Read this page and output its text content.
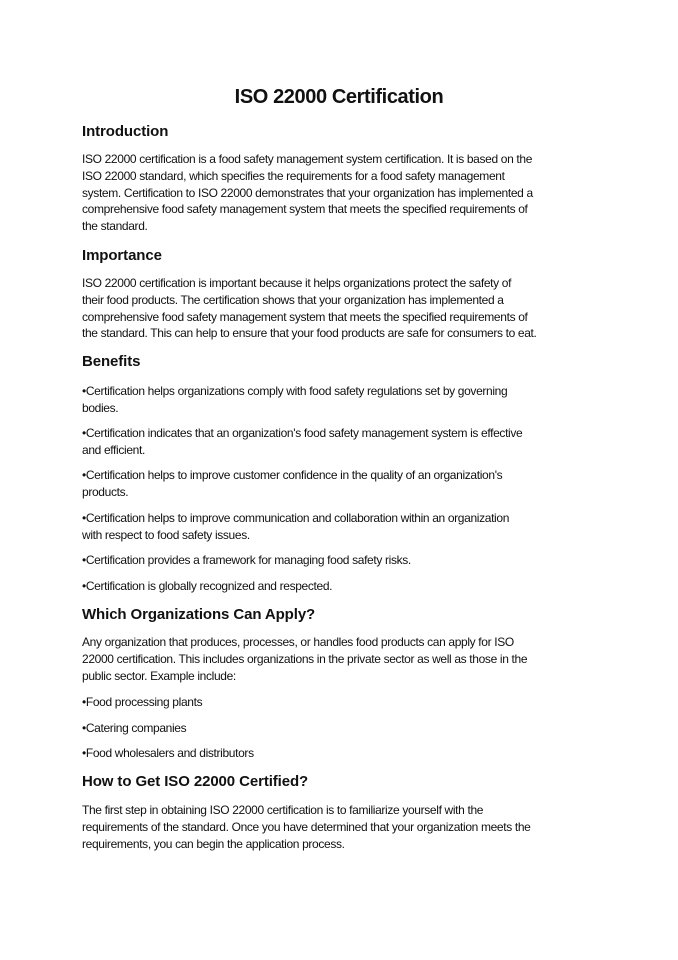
ISO 22000 Certification
Introduction
ISO 22000 certification is a food safety management system certification. It is based on the
ISO 22000 standard, which specifies the requirements for a food safety management
system. Certification to ISO 22000 demonstrates that your organization has implemented a
comprehensive food safety management system that meets the specified requirements of
the standard.
Importance
ISO 22000 certification is important because it helps organizations protect the safety of
their food products. The certification shows that your organization has implemented a
comprehensive food safety management system that meets the specified requirements of
the standard. This can help to ensure that your food products are safe for consumers to eat.
Benefits
•Certification helps organizations comply with food safety regulations set by governing
bodies.
•Certification indicates that an organization's food safety management system is effective
and efficient.
•Certification helps to improve customer confidence in the quality of an organization's
products.
•Certification helps to improve communication and collaboration within an organization
with respect to food safety issues.
•Certification provides a framework for managing food safety risks.
•Certification is globally recognized and respected.
Which Organizations Can Apply?
Any organization that produces, processes, or handles food products can apply for ISO
22000 certification. This includes organizations in the private sector as well as those in the
public sector. Example include:
•Food processing plants
•Catering companies
•Food wholesalers and distributors
How to Get ISO 22000 Certified?
The first step in obtaining ISO 22000 certification is to familiarize yourself with the
requirements of the standard. Once you have determined that your organization meets the
requirements, you can begin the application process.
